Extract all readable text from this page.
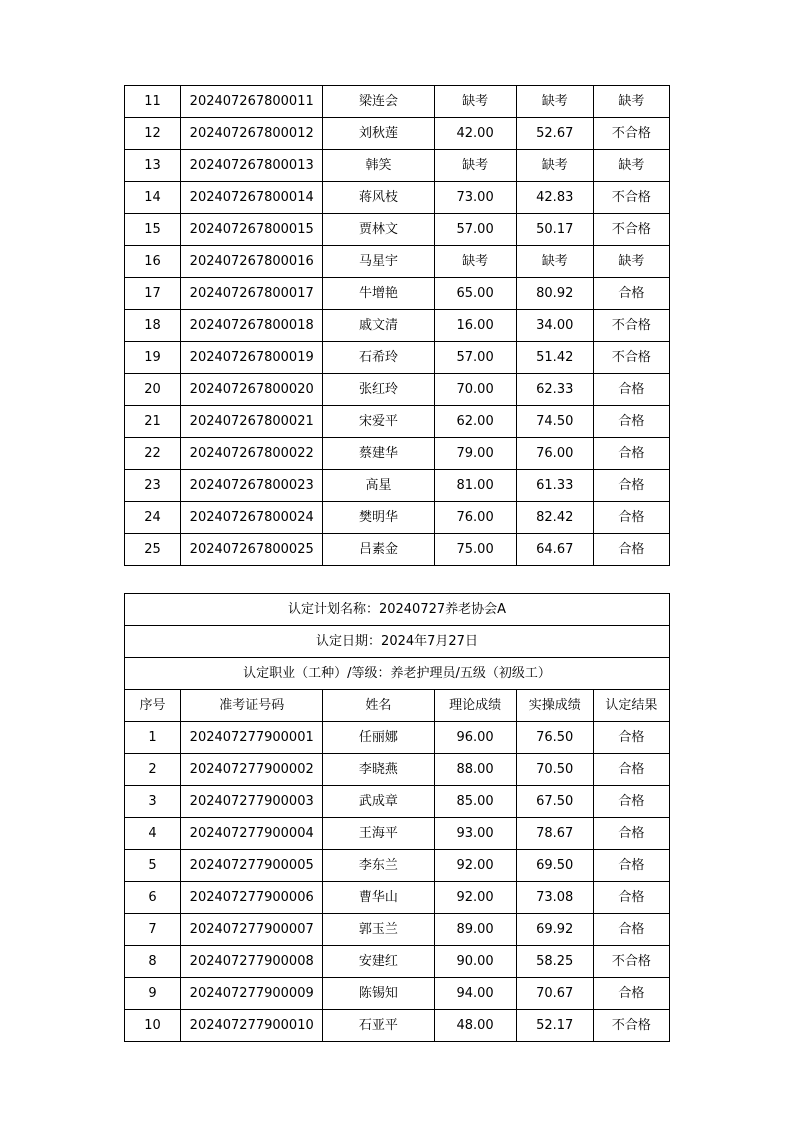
11	202407267800011	梁连会	缺考	缺考	缺考
12	202407267800012	刘秋莲	42.00	52.67	不合格
13	202407267800013	韩笑	缺考	缺考	缺考
14	202407267800014	蒋风枝	73.00	42.83	不合格
15	202407267800015	贾林文	57.00	50.17	不合格
16	202407267800016	马星宇	缺考	缺考	缺考
17	202407267800017	牛增艳	65.00	80.92	合格
18	202407267800018	戚文清	16.00	34.00	不合格
19	202407267800019	石希玲	57.00	51.42	不合格
20	202407267800020	张红玲	70.00	62.33	合格
21	202407267800021	宋爱平	62.00	74.50	合格
22	202407267800022	蔡建华	79.00	76.00	合格
23	202407267800023	高星	81.00	61.33	合格
24	202407267800024	樊明华	76.00	82.42	合格
25	202407267800025	吕素金	75.00	64.67	合格
认定计划名称：20240727养老协会A					
认定日期：2024年7月27日					
认定职业（工种）/等级：养老护理员/五级（初级工）					
序号	准考证号码	姓名	理论成绩	实操成绩	认定结果
1	202407277900001	任丽娜	96.00	76.50	合格
2	202407277900002	李晓燕	88.00	70.50	合格
3	202407277900003	武成章	85.00	67.50	合格
4	202407277900004	王海平	93.00	78.67	合格
5	202407277900005	李东兰	92.00	69.50	合格
6	202407277900006	曹华山	92.00	73.08	合格
7	202407277900007	郭玉兰	89.00	69.92	合格
8	202407277900008	安建红	90.00	58.25	不合格
9	202407277900009	陈锡知	94.00	70.67	合格
10	202407277900010	石亚平	48.00	52.17	不合格
